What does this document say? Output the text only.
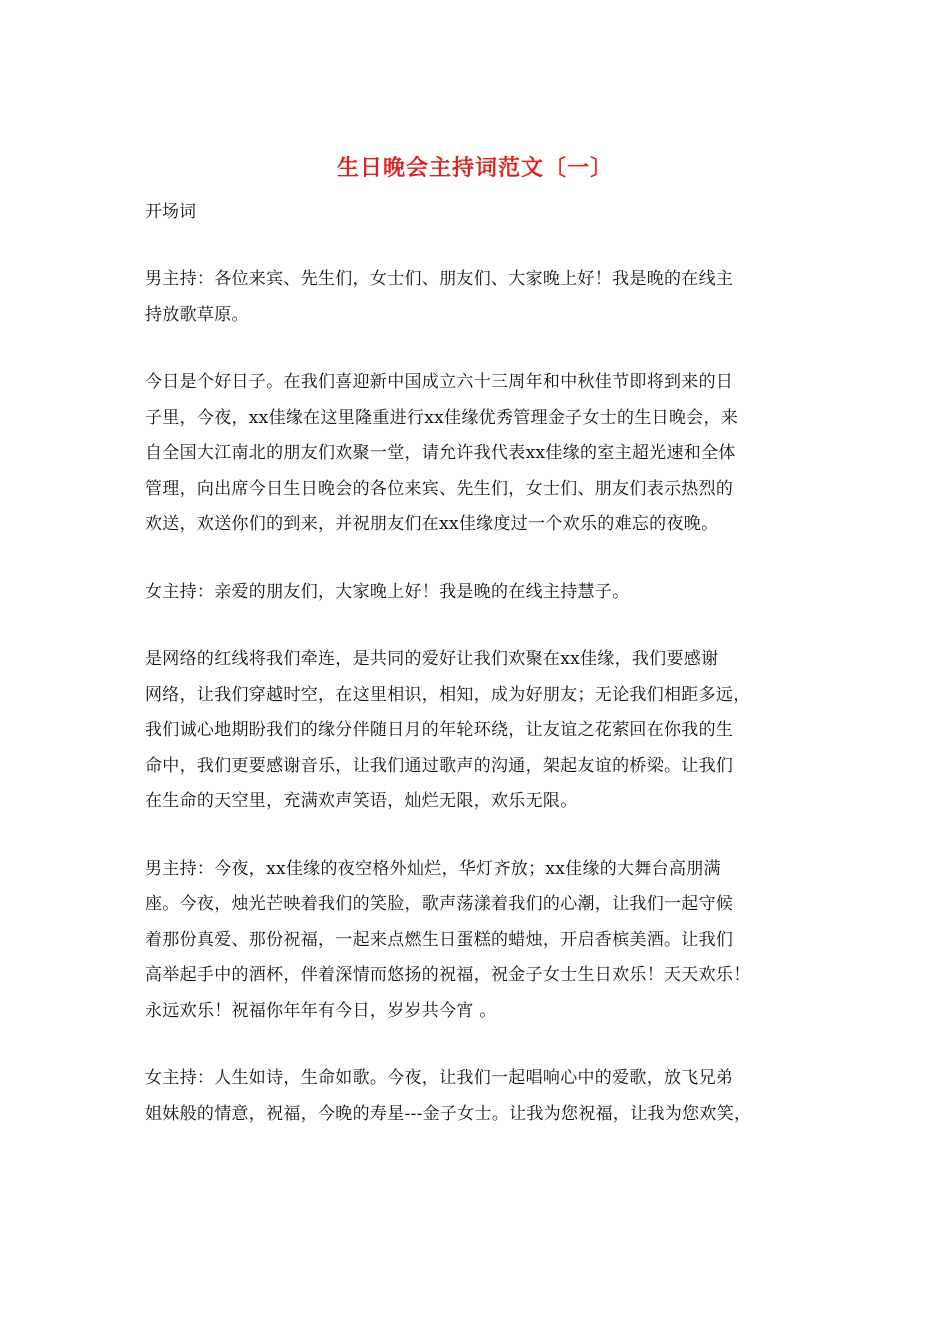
生日晚会主持词范文〔一〕
开场词
男主持：各位来宾、先生们，女士们、朋友们、大家晚上好！我是晚的在线主
持放歌草原。
今日是个好日子。在我们喜迎新中国成立六十三周年和中秋佳节即将到来的日
子里，今夜，xx佳缘在这里隆重进行xx佳缘优秀管理金子女士的生日晚会，来
自全国大江南北的朋友们欢聚一堂，请允许我代表xx佳缘的室主超光速和全体
管理，向出席今日生日晚会的各位来宾、先生们，女士们、朋友们表示热烈的
欢送，欢送你们的到来，并祝朋友们在xx佳缘度过一个欢乐的难忘的夜晚。
女主持：亲爱的朋友们，大家晚上好！我是晚的在线主持慧子。
是网络的红线将我们牵连，是共同的爱好让我们欢聚在xx佳缘，我们要感谢
网络，让我们穿越时空，在这里相识，相知，成为好朋友；无论我们相距多远，
我们诚心地期盼我们的缘分伴随日月的年轮环绕，让友谊之花萦回在你我的生
命中，我们更要感谢音乐，让我们通过歌声的沟通，架起友谊的桥梁。让我们
在生命的天空里，充满欢声笑语，灿烂无限，欢乐无限。
男主持：今夜，xx佳缘的夜空格外灿烂，华灯齐放；xx佳缘的大舞台高朋满
座。今夜，烛光芒映着我们的笑脸，歌声荡漾着我们的心潮，让我们一起守候
着那份真爱、那份祝福，一起来点燃生日蛋糕的蜡烛，开启香槟美酒。让我们
高举起手中的酒杯，伴着深情而悠扬的祝福，祝金子女士生日欢乐！天天欢乐！
永远欢乐！祝福你年年有今日，岁岁共今宵 。
女主持：人生如诗，生命如歌。今夜，让我们一起唱响心中的爱歌，放飞兄弟
姐妹般的情意，祝福，今晚的寿星---金子女士。让我为您祝福，让我为您欢笑，
